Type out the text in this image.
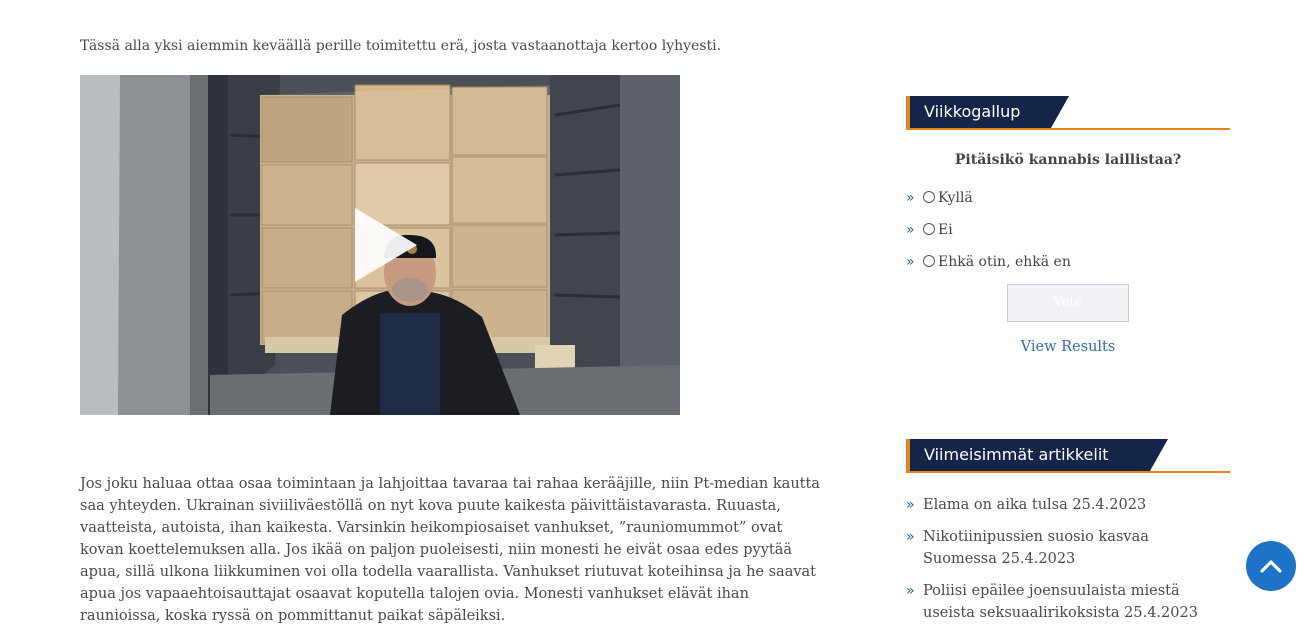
Tässä alla yksi aiemmin keväällä perille toimitettu erä, josta vastaanottaja kertoo lyhyesti.

Jos joku haluaa ottaa osaa toimintaan ja lahjoittaa tavaraa tai rahaa kerääjille, niin Pt-median kautta saa yhteyden. Ukrainan siviiliväestöllä on nyt kova puute kaikesta päivittäistavarasta. Ruuasta, vaatteista, autoista, ihan kaikesta. Varsinkin heikompiosaiset vanhukset, ”rauniomummot” ovat kovan koettelemuksen alla. Jos ikää on paljon puoleisesti, niin monesti he eivät osaa edes pyytää apua, sillä ulkona liikkuminen voi olla todella vaarallista. Vanhukset riutuvat koteihinsa ja he saavat apua jos vapaaehtoisauttajat osaavat koputella talojen ovia. Monesti vanhukset elävät ihan raunioissa, koska ryssä on pommittanut paikat säpäleiksi.

Viikkogallup
Pitäisikö kannabis laillistaa?
»	Kyllä
»	Ei
»	Ehkä otin, ehkä en
Vote
View Results
Viimeisimmät artikkelit
» Elama on aika tulsa 25.4.2023
» Nikotiinipussien suosio kasvaa Suomessa 25.4.2023
» Poliisi epäilee joensuulaista miestä useista seksuaalirikoksista 25.4.2023
